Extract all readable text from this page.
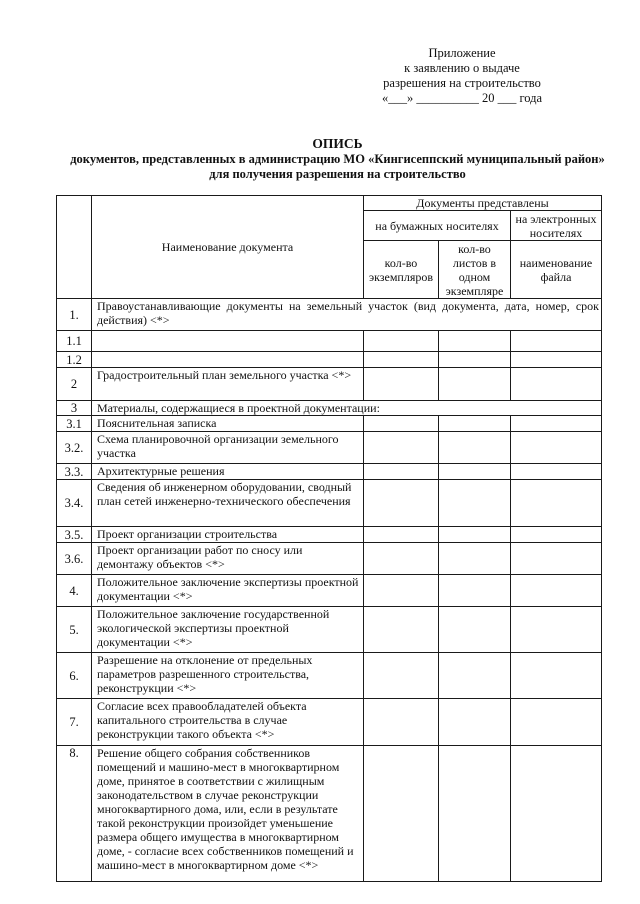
Приложение
к заявлению о выдаче
разрешения на строительство
«___» __________ 20 ___ года
ОПИСЬ
документов, представленных в администрацию МО «Кингисеппский муниципальный район» для получения разрешения на строительство
	Наименование документа	Документы представлены		
		на бумажных носителях		на электронных носителях
		кол-во экземпляров	кол-во листов в одном экземпляре	наименование файла
1.	Правоустанавливающие документы на земельный участок (вид документа, дата, номер, срок действия) <*>			
1.1				
1.2				
2	Градостроительный план земельного участка <*>			
3	Материалы, содержащиеся в проектной документации:			
3.1	Пояснительная записка			
3.2.	Схема планировочной организации земельного участка			
3.3.	Архитектурные решения			
3.4.	Сведения об инженерном оборудовании, сводный план сетей инженерно-технического обеспечения			
3.5.	Проект организации строительства			
3.6.	Проект организации работ по сносу или демонтажу объектов <*>			
4.	Положительное заключение экспертизы проектной документации <*>			
5.	Положительное заключение государственной экологической экспертизы проектной документации <*>			
6.	Разрешение на отклонение от предельных параметров разрешенного строительства, реконструкции <*>			
7.	Согласие всех правообладателей объекта капитального строительства в случае реконструкции такого объекта <*>			
8.	Решение общего собрания собственников помещений и машино-мест в многоквартирном доме, принятое в соответствии с жилищным законодательством в случае реконструкции многоквартирного дома, или, если в результате такой реконструкции произойдет уменьшение размера общего имущества в многоквартирном доме, - согласие всех собственников помещений и машино-мест в многоквартирном доме <*>			
